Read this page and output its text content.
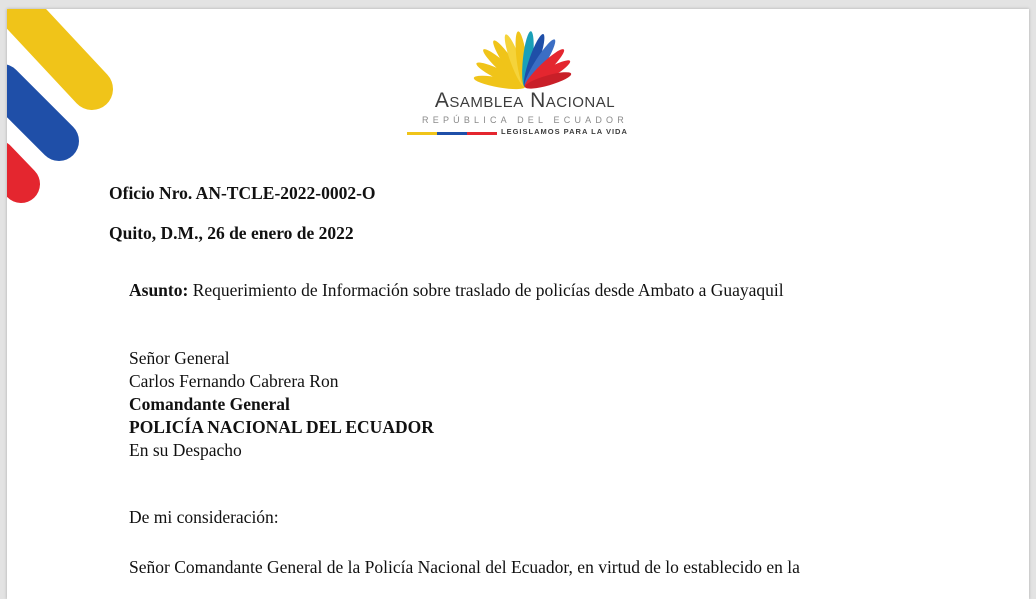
Asamblea Nacional
REPÚBLICA DEL ECUADOR
LEGISLAMOS PARA LA VIDA
Oficio Nro. AN-TCLE-2022-0002-O
Quito, D.M., 26 de enero de 2022
Asunto: Requerimiento de Información sobre traslado de policías desde Ambato a Guayaquil
Señor General
Carlos Fernando Cabrera Ron
Comandante General
POLICÍA NACIONAL DEL ECUADOR
En su Despacho
De mi consideración:
Señor Comandante General de la Policía Nacional del Ecuador, en virtud de lo establecido en la
